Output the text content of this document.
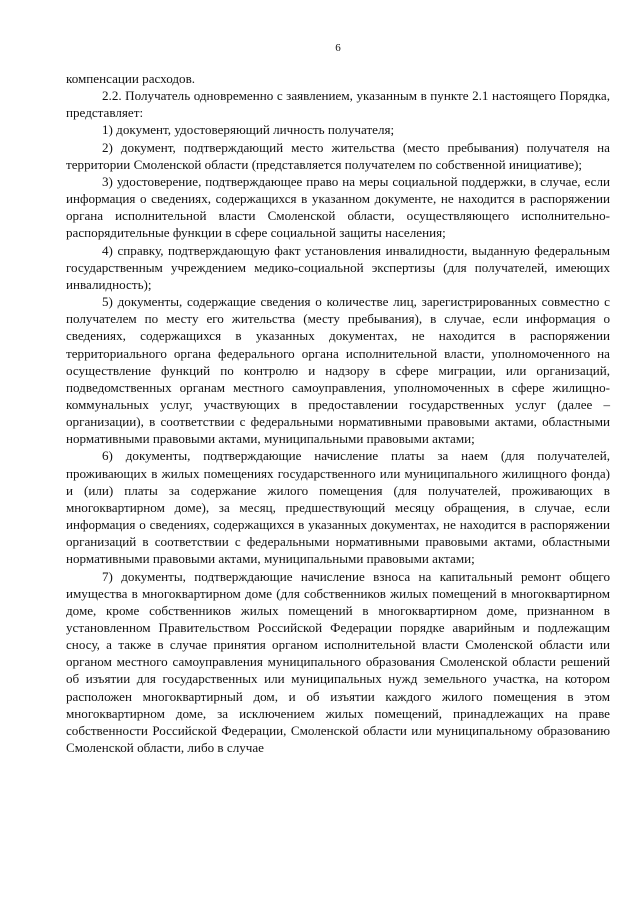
6

компенсации расходов.

2.2. Получатель одновременно с заявлением, указанным в пункте 2.1 настоящего Порядка, представляет:

1) документ, удостоверяющий личность получателя;

2) документ, подтверждающий место жительства (место пребывания) получателя на территории Смоленской области (представляется получателем по собственной инициативе);

3) удостоверение, подтверждающее право на меры социальной поддержки, в случае, если информация о сведениях, содержащихся в указанном документе, не находится в распоряжении органа исполнительной власти Смоленской области, осуществляющего исполнительно-распорядительные функции в сфере социальной защиты населения;

4) справку, подтверждающую факт установления инвалидности, выданную федеральным государственным учреждением медико-социальной экспертизы (для получателей, имеющих инвалидность);

5) документы, содержащие сведения о количестве лиц, зарегистрированных совместно с получателем по месту его жительства (месту пребывания), в случае, если информация о сведениях, содержащихся в указанных документах, не находится в распоряжении территориального органа федерального органа исполнительной власти, уполномоченного на осуществление функций по контролю и надзору в сфере миграции, или организаций, подведомственных органам местного самоуправления, уполномоченных в сфере жилищно-коммунальных услуг, участвующих в предоставлении государственных услуг (далее – организации), в соответствии с федеральными нормативными правовыми актами, областными нормативными правовыми актами, муниципальными правовыми актами;

6) документы, подтверждающие начисление платы за наем (для получателей, проживающих в жилых помещениях государственного или муниципального жилищного фонда) и (или) платы за содержание жилого помещения (для получателей, проживающих в многоквартирном доме), за месяц, предшествующий месяцу обращения, в случае, если информация о сведениях, содержащихся в указанных документах, не находится в распоряжении организаций в соответствии с федеральными нормативными правовыми актами, областными нормативными правовыми актами, муниципальными правовыми актами;

7) документы, подтверждающие начисление взноса на капитальный ремонт общего имущества в многоквартирном доме (для собственников жилых помещений в многоквартирном доме, кроме собственников жилых помещений в многоквартирном доме, признанном в установленном Правительством Российской Федерации порядке аварийным и подлежащим сносу, а также в случае принятия органом исполнительной власти Смоленской области или органом местного самоуправления муниципального образования Смоленской области решений об изъятии для государственных или муниципальных нужд земельного участка, на котором расположен многоквартирный дом, и об изъятии каждого жилого помещения в этом многоквартирном доме, за исключением жилых помещений, принадлежащих на праве собственности Российской Федерации, Смоленской области или муниципальному образованию Смоленской области, либо в случае
